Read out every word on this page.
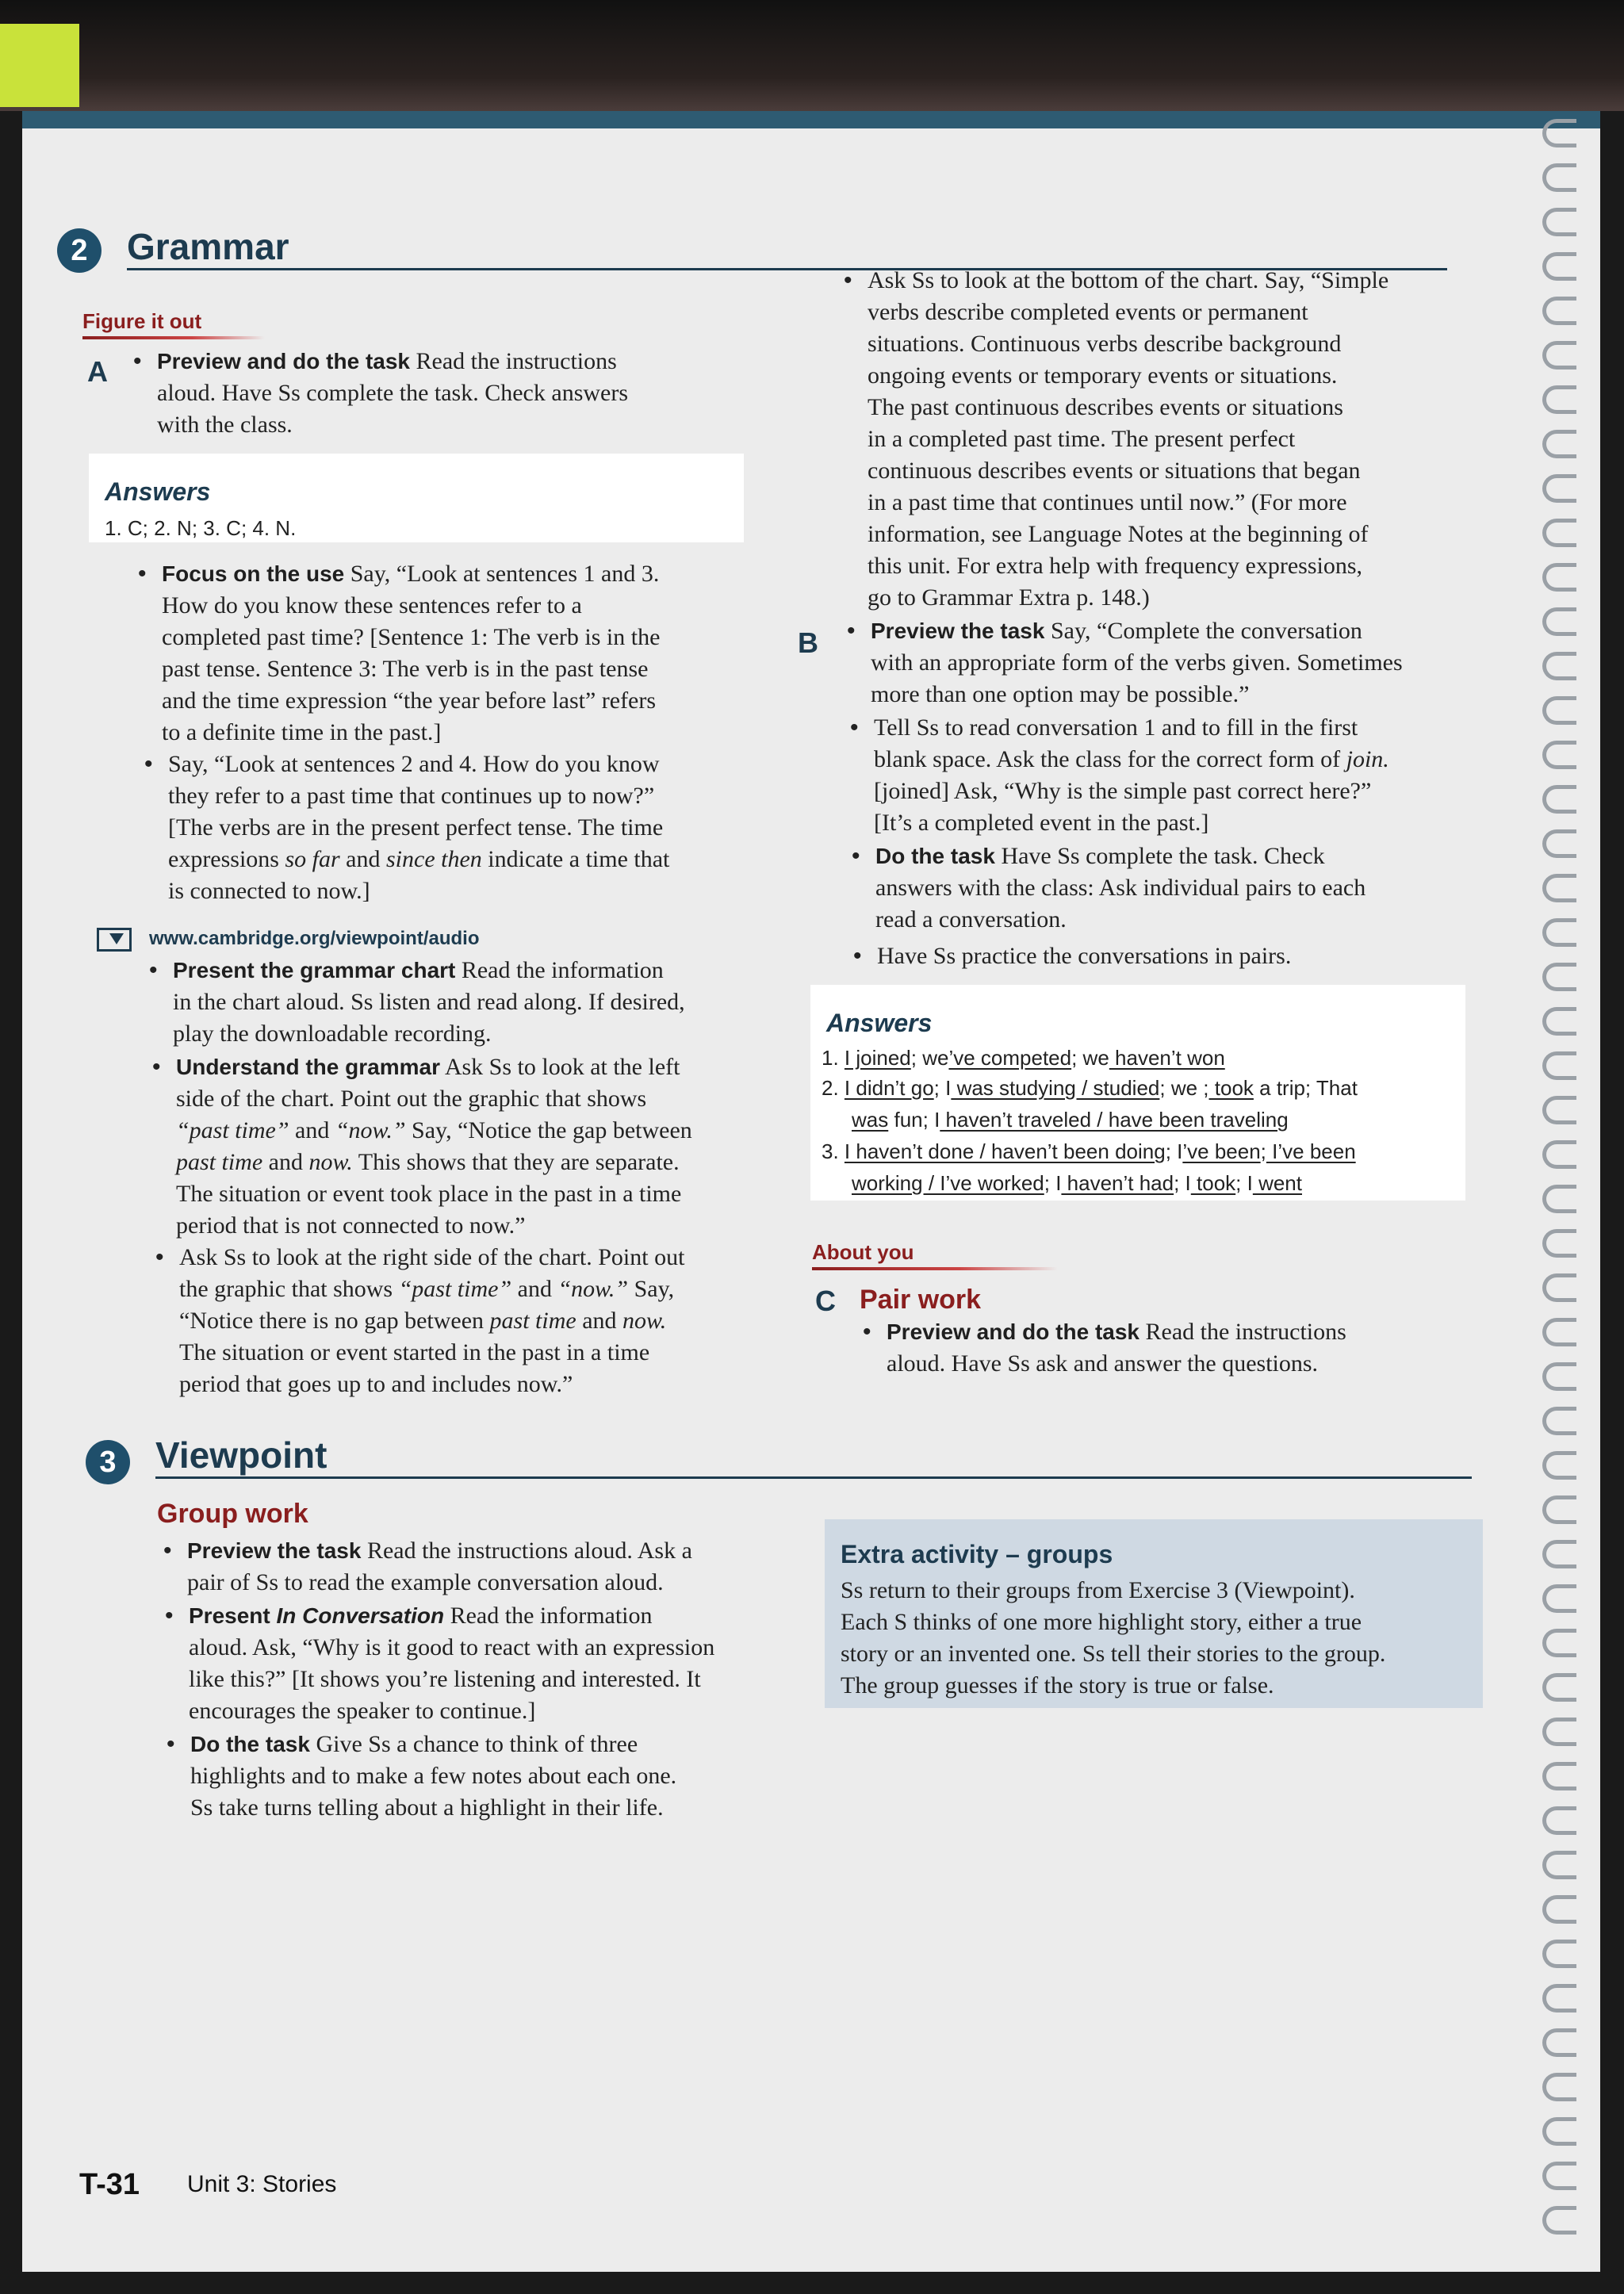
2	Grammar
Figure it out
A • Preview and do the task Read the instructions
aloud. Have Ss complete the task. Check answers
with the class.
Answers
1. C; 2. N; 3. C; 4. N.
• Focus on the use Say, “Look at sentences 1 and 3.
How do you know these sentences refer to a
completed past time? [Sentence 1: The verb is in the
past tense. Sentence 3: The verb is in the past tense
and the time expression “the year before last” refers
to a definite time in the past.]
• Say, “Look at sentences 2 and 4. How do you know
they refer to a past time that continues up to now?”
[The verbs are in the present perfect tense. The time
expressions so far and since then indicate a time that
is connected to now.]
www.cambridge.org/viewpoint/audio
• Present the grammar chart Read the information
in the chart aloud. Ss listen and read along. If desired,
play the downloadable recording.
• Understand the grammar Ask Ss to look at the left
side of the chart. Point out the graphic that shows
“past time” and “now.” Say, “Notice the gap between
past time and now. This shows that they are separate.
The situation or event took place in the past in a time
period that is not connected to now.”
• Ask Ss to look at the right side of the chart. Point out
the graphic that shows “past time” and “now.” Say,
“Notice there is no gap between past time and now.
The situation or event started in the past in a time
period that goes up to and includes now.”
• Ask Ss to look at the bottom of the chart. Say, “Simple
verbs describe completed events or permanent
situations. Continuous verbs describe background
ongoing events or temporary events or situations.
The past continuous describes events or situations
in a completed past time. The present perfect
continuous describes events or situations that began
in a past time that continues until now.” (For more
information, see Language Notes at the beginning of
this unit. For extra help with frequency expressions,
go to Grammar Extra p. 148.)
B • Preview the task Say, “Complete the conversation
with an appropriate form of the verbs given. Sometimes
more than one option may be possible.”
• Tell Ss to read conversation 1 and to fill in the first
blank space. Ask the class for the correct form of join.
[joined] Ask, “Why is the simple past correct here?”
[It’s a completed event in the past.]
• Do the task Have Ss complete the task. Check
answers with the class: Ask individual pairs to each
read a conversation.
• Have Ss practice the conversations in pairs.
Answers
1. I joined; we’ve competed; we haven’t won
2. I didn’t go; I was studying / studied; we ; took a trip; That
was fun; I haven’t traveled / have been traveling
3. I haven’t done / haven’t been doing; I’ve been; I’ve been
working / I’ve worked; I haven’t had; I took; I went
About you
C Pair work
• Preview and do the task Read the instructions
aloud. Have Ss ask and answer the questions.
3	Viewpoint
Group work
• Preview the task Read the instructions aloud. Ask a
pair of Ss to read the example conversation aloud.
• Present In Conversation Read the information
aloud. Ask, “Why is it good to react with an expression
like this?” [It shows you’re listening and interested. It
encourages the speaker to continue.]
• Do the task Give Ss a chance to think of three
highlights and to make a few notes about each one.
Ss take turns telling about a highlight in their life.
Extra activity – groups
Ss return to their groups from Exercise 3 (Viewpoint).
Each S thinks of one more highlight story, either a true
story or an invented one. Ss tell their stories to the group.
The group guesses if the story is true or false.
T-31 Unit 3: Stories
